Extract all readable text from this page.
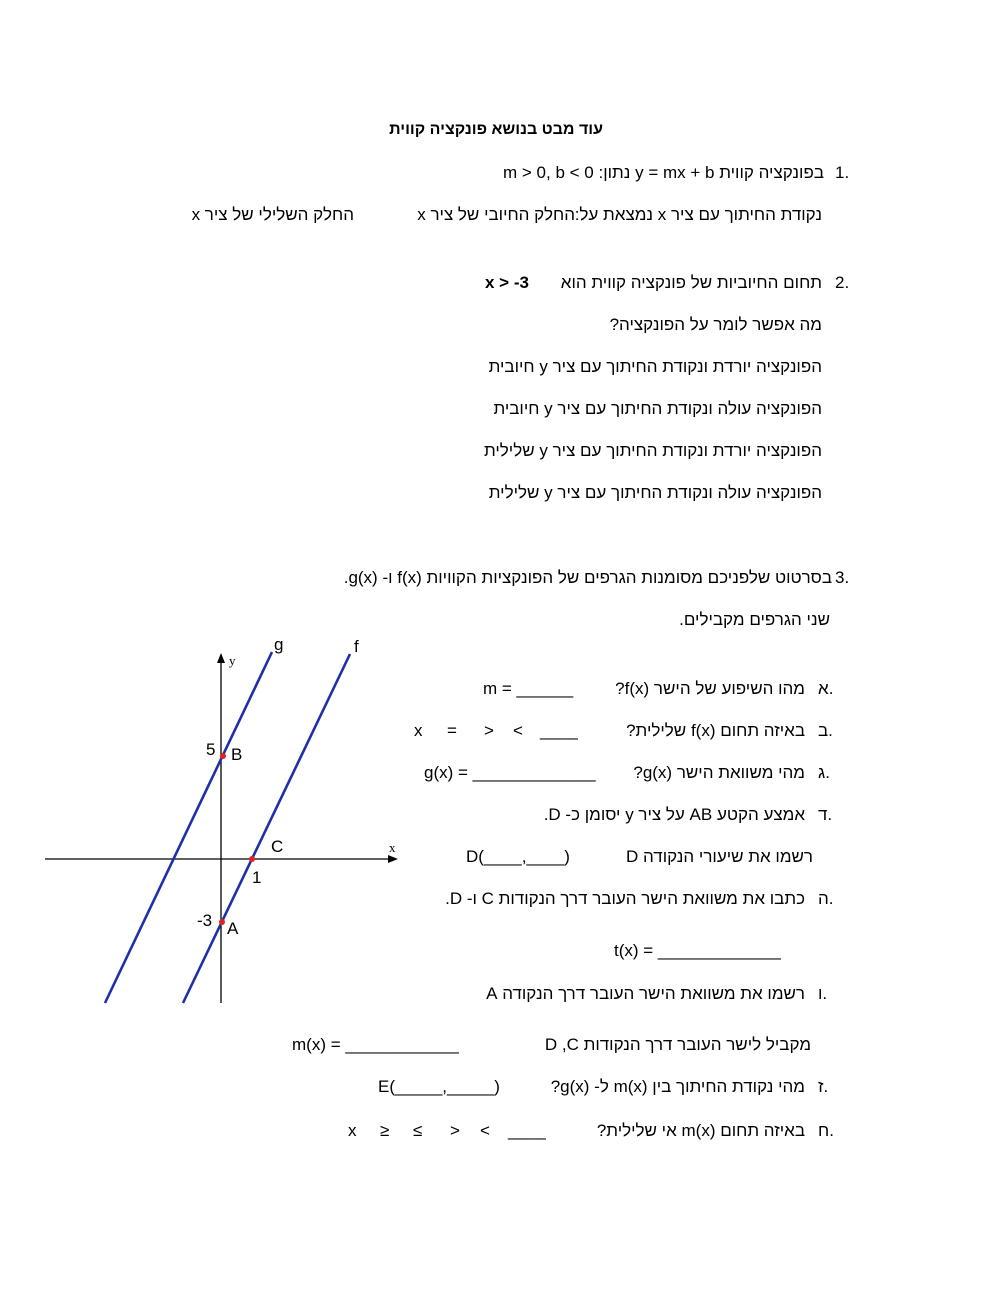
עוד מבט בנושא פונקציה קווית
1.
בפונקציה קווית y = mx + b נתון: m > 0, b < 0
נקודת החיתוך עם ציר x נמצאת על:
החלק החיובי של ציר x
החלק השלילי של ציר x
2.
תחום החיוביות של פונקציה קווית הוא
x > -3
מה אפשר לומר על הפונקציה?
הפונקציה יורדת ונקודת החיתוך עם ציר y חיובית
הפונקציה עולה ונקודת החיתוך עם ציר y חיובית
הפונקציה יורדת ונקודת החיתוך עם ציר y שלילית
הפונקציה עולה ונקודת החיתוך עם ציר y שלילית
3.
בסרטוט שלפניכם מסומנות הגרפים של הפונקציות הקוויות f(x) ו- g(x).
שני הגרפים מקבילים.
א.
מהו השיפוע של הישר f(x)?
m = ______
ב.
באיזה תחום f(x) שלילית?
____
<
>
=
x
ג.
מהי משוואת הישר g(x)?
g(x) = _____________
ד.
אמצע הקטע AB על ציר y יסומן כ- D.
רשמו את שיעורי הנקודה D
D(____,____)
ה.
כתבו את משוואת הישר העובר דרך הנקודות C ו- D.
t(x) = _____________
ו.
רשמו את משוואת הישר העובר דרך הנקודה A
מקביל לישר העובר דרך הנקודות D ,C
m(x) = ____________
ז.
מהי נקודת החיתוך בין m(x) ל- g(x)?
E(_____,_____)
ח.
באיזה תחום m(x) אי שלילית?
____
<
>
≤
≥
x
g	f
y
x
5 B
C
1
-3 A
